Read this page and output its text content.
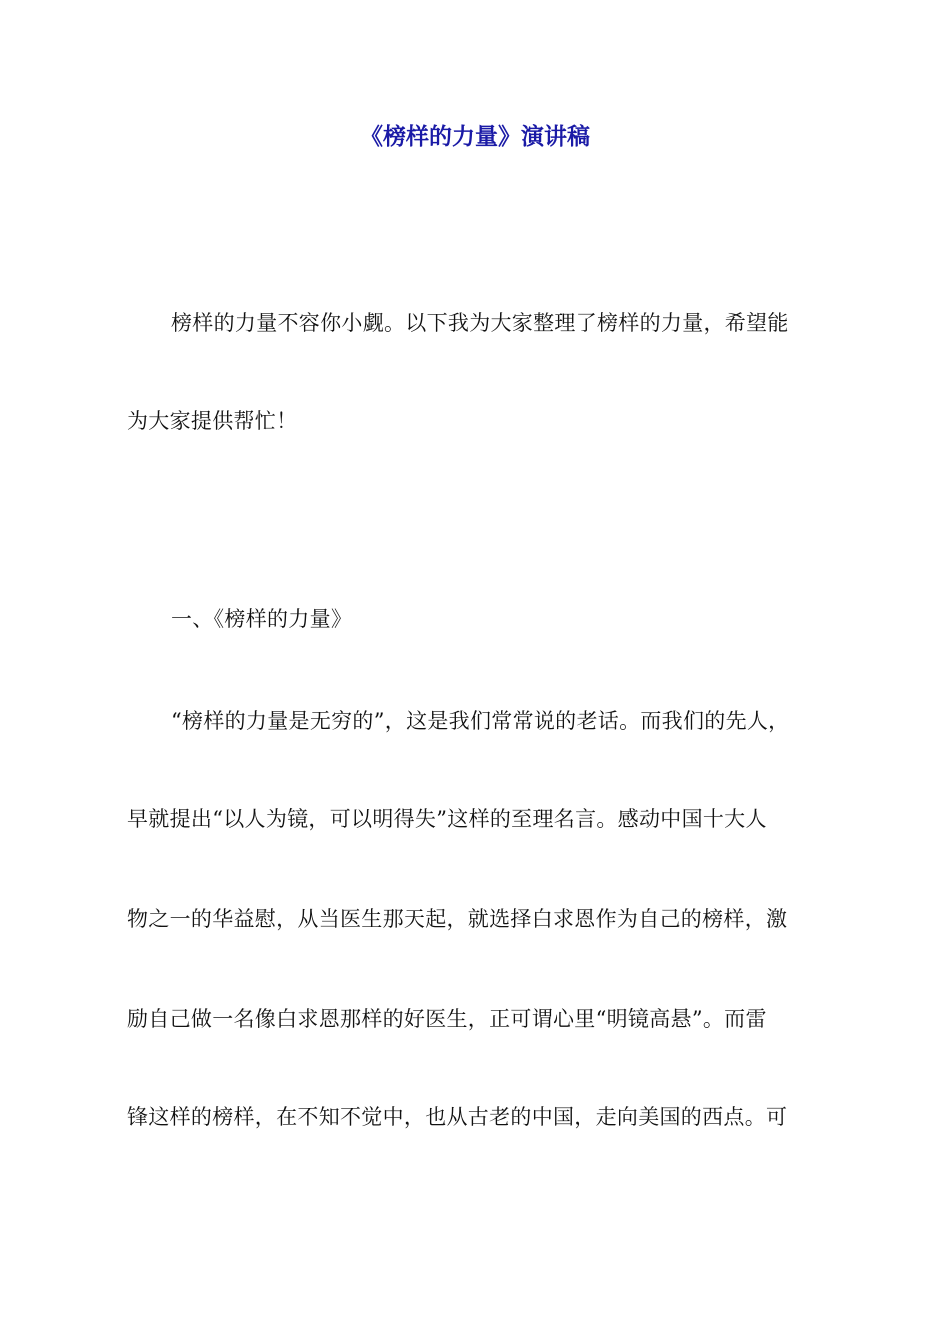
《榜样的力量》演讲稿
榜样的力量不容你小觑。以下我为大家整理了榜样的力量，希望能
为大家提供帮忙！
一、《榜样的力量》
“榜样的力量是无穷的”，这是我们常常说的老话。而我们的先人，
早就提出“以人为镜，可以明得失”这样的至理名言。感动中国十大人
物之一的华益慰，从当医生那天起，就选择白求恩作为自己的榜样，激
励自己做一名像白求恩那样的好医生，正可谓心里“明镜高悬”。而雷
锋这样的榜样，在不知不觉中，也从古老的中国，走向美国的西点。可
